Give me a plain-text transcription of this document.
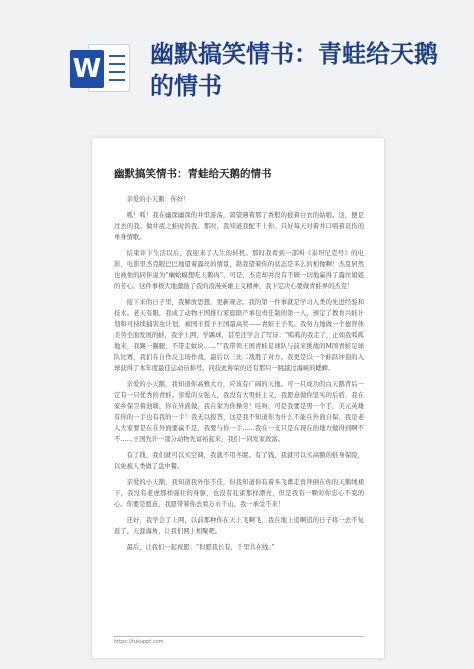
W 幽默搞笑情书：青蛙给天鹅的情书
幽默搞笑情书：青蛙给天鹅的情书

亲爱的小天鹅：你好！

呱！呱！我在幽深幽深的井里游荡，渴望遇着那了香般的披着白衣的姑娘。这，便是过去的我。做井底之蛙时的我。那时，我知道我配不上你。只好每天对着井口唱着哀伤的单身情歌。

结束井下生活以后，我迎来了人生的转机。那时我看到一部叫《泰坦尼克号》的电影，电影里杰克眼巴巴地望着露丝的情景，勘我望着你的状态是多么的相像啊！杰克居然也被他的同伴说为“癞蛤蟆想吃天鹅肉”，可是，杰克却并没有不顾一切地赢得了露丝姐姐的芳心。这件事极大地激励了我的浪漫英雄主义精神，我下定决心要做青蛙界的杰克！

接下来的日子里，我解放思想，更新观念。我的第一件事就是学习人类的先进经验和技术。老天有眼，我成了动物王国推行家庭联产承包责任制的第一人，颁定了教育兴蛙计划和可持续捕害虫计划，被国王授予王国最高奖——青蛙王子奖。我努力地做一个德智体美劳全面发展的蛙，我学上网，学踢球，甚至还学会了写诗：“呱呱的我走了，正如我呱呱地来，我踢一踢腿，不带走蚊块……”“我带领王国青蛙足球队与前来挑战的M国青蛙足球队比赛，我们在自作反主场作战，最后以三比二战胜了对方。我更是以一个蛙跃冲顶的入球获得了本年度最佳运动员称号。同技此称荣的还有那只一跳越过海峡的蟋蟀。

亲爱的小天鹅，我知道你高雅大方，应该有广阔的天地。可一只成功的白天鹅背后一定有一只优秀的青蛙。亲爱的女强人，我没有大男蛙主义，我愿意做你坚实的后盾，我在家乡保卫着池塘，你在外面做，我在家为你操劳！哇呀，可是我要是男一个手，美元英雄有你的一手也有我的一手！我无以报答，这是我不知道你为什么不能在外面自保，我是老人大家要是在在外面要赢不是，我要与你一手……我在一支只是在现在的地方做得到啊不不……王国允许一部分动物先富裕起来，我们一同发家致富。

有了钱，我们就可以买空调，我就不用冬眠。有了钱，我就可以买高额的蛙身保险，以免被人类做了盘中餐。

亲爱的小天鹅，我知道我外形不佳，但我知道你有着多飞禽走兽拜倒在你的天鹅绒裙下，我没有老虎那样强壮的身躯，也没有孔雀那样漂亮，但是我有一颗对你忠心不变的心。你要是愿意，我愿带着你去看万水千山，我一承受不来！

还好，我学会了上网，以前那种你在天上飞啊飞，我在地上追啊追的日子将一去不复返了。天涯海角，让我们网上相聚吧。

最后，让我们一起祝愿：“但愿我长有，千里共在线。”

https://tukuppt.com
